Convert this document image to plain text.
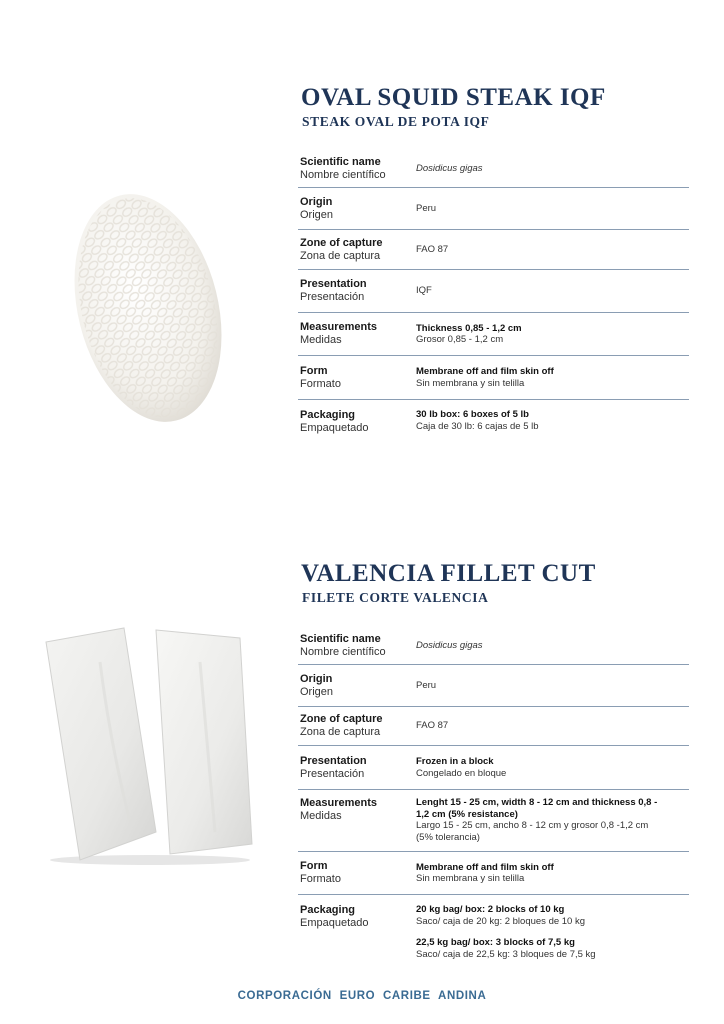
OVAL SQUID STEAK IQF
STEAK OVAL DE POTA IQF
Scientific name
Nombre científico
Dosidicus gigas
Origin
Origen
Peru
Zone of capture
Zona de captura
FAO 87
Presentation
Presentación
IQF
Measurements
Medidas
Thickness 0,85 - 1,2 cm
Grosor 0,85 - 1,2 cm
Form
Formato
Membrane off and film skin off
Sin membrana y sin telilla
Packaging
Empaquetado
30 lb box: 6 boxes of 5 lb
Caja de 30 lb: 6 cajas de 5 lb
VALENCIA FILLET CUT
FILETE CORTE VALENCIA
Scientific name
Nombre científico
Dosidicus gigas
Origin
Origen
Peru
Zone of capture
Zona de captura
FAO 87
Presentation
Presentación
Frozen in a block
Congelado en bloque
Measurements
Medidas
Lenght 15 - 25 cm, width 8 - 12 cm and thickness 0,8 - 1,2 cm (5% resistance)
Largo 15 - 25 cm, ancho 8 - 12 cm y grosor 0,8 -1,2 cm (5% tolerancia)
Form
Formato
Membrane off and film skin off
Sin membrana y sin telilla
Packaging
Empaquetado
20 kg bag/ box: 2 blocks of 10 kg
Saco/ caja de 20 kg: 2 bloques de 10 kg
22,5 kg bag/ box: 3 blocks of 7,5 kg
Saco/ caja de 22,5 kg: 3 bloques de 7,5 kg
CORPORACIÓN EURO CARIBE ANDINA
